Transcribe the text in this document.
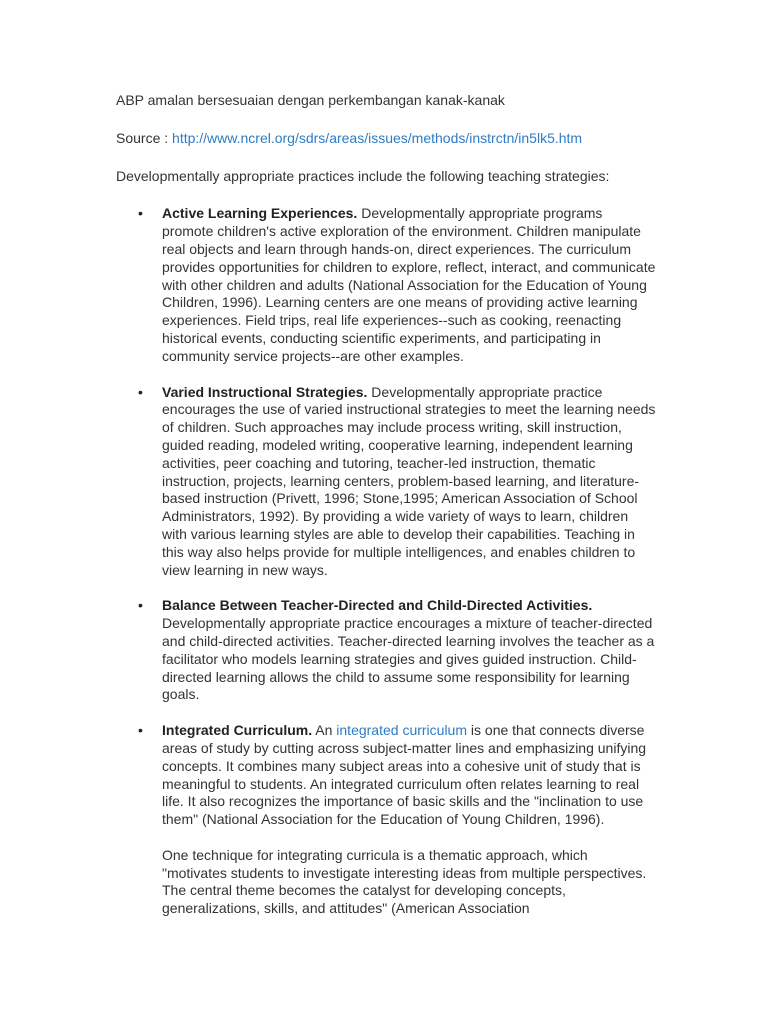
ABP amalan bersesuaian dengan perkembangan kanak-kanak

Source : http://www.ncrel.org/sdrs/areas/issues/methods/instrctn/in5lk5.htm

Developmentally appropriate practices include the following teaching strategies:

• Active Learning Experiences. Developmentally appropriate programs promote children's active exploration of the environment. Children manipulate real objects and learn through hands-on, direct experiences. The curriculum provides opportunities for children to explore, reflect, interact, and communicate with other children and adults (National Association for the Education of Young Children, 1996). Learning centers are one means of providing active learning experiences. Field trips, real life experiences--such as cooking, reenacting historical events, conducting scientific experiments, and participating in community service projects--are other examples.
• Varied Instructional Strategies. Developmentally appropriate practice encourages the use of varied instructional strategies to meet the learning needs of children. Such approaches may include process writing, skill instruction, guided reading, modeled writing, cooperative learning, independent learning activities, peer coaching and tutoring, teacher-led instruction, thematic instruction, projects, learning centers, problem-based learning, and literature-based instruction (Privett, 1996; Stone,1995; American Association of School Administrators, 1992). By providing a wide variety of ways to learn, children with various learning styles are able to develop their capabilities. Teaching in this way also helps provide for multiple intelligences, and enables children to view learning in new ways.
• Balance Between Teacher-Directed and Child-Directed Activities. Developmentally appropriate practice encourages a mixture of teacher-directed and child-directed activities. Teacher-directed learning involves the teacher as a facilitator who models learning strategies and gives guided instruction. Child-directed learning allows the child to assume some responsibility for learning goals.
• Integrated Curriculum. An integrated curriculum is one that connects diverse areas of study by cutting across subject-matter lines and emphasizing unifying concepts. It combines many subject areas into a cohesive unit of study that is meaningful to students. An integrated curriculum often relates learning to real life. It also recognizes the importance of basic skills and the "inclination to use them" (National Association for the Education of Young Children, 1996).

One technique for integrating curricula is a thematic approach, which "motivates students to investigate interesting ideas from multiple perspectives. The central theme becomes the catalyst for developing concepts, generalizations, skills, and attitudes" (American Association
